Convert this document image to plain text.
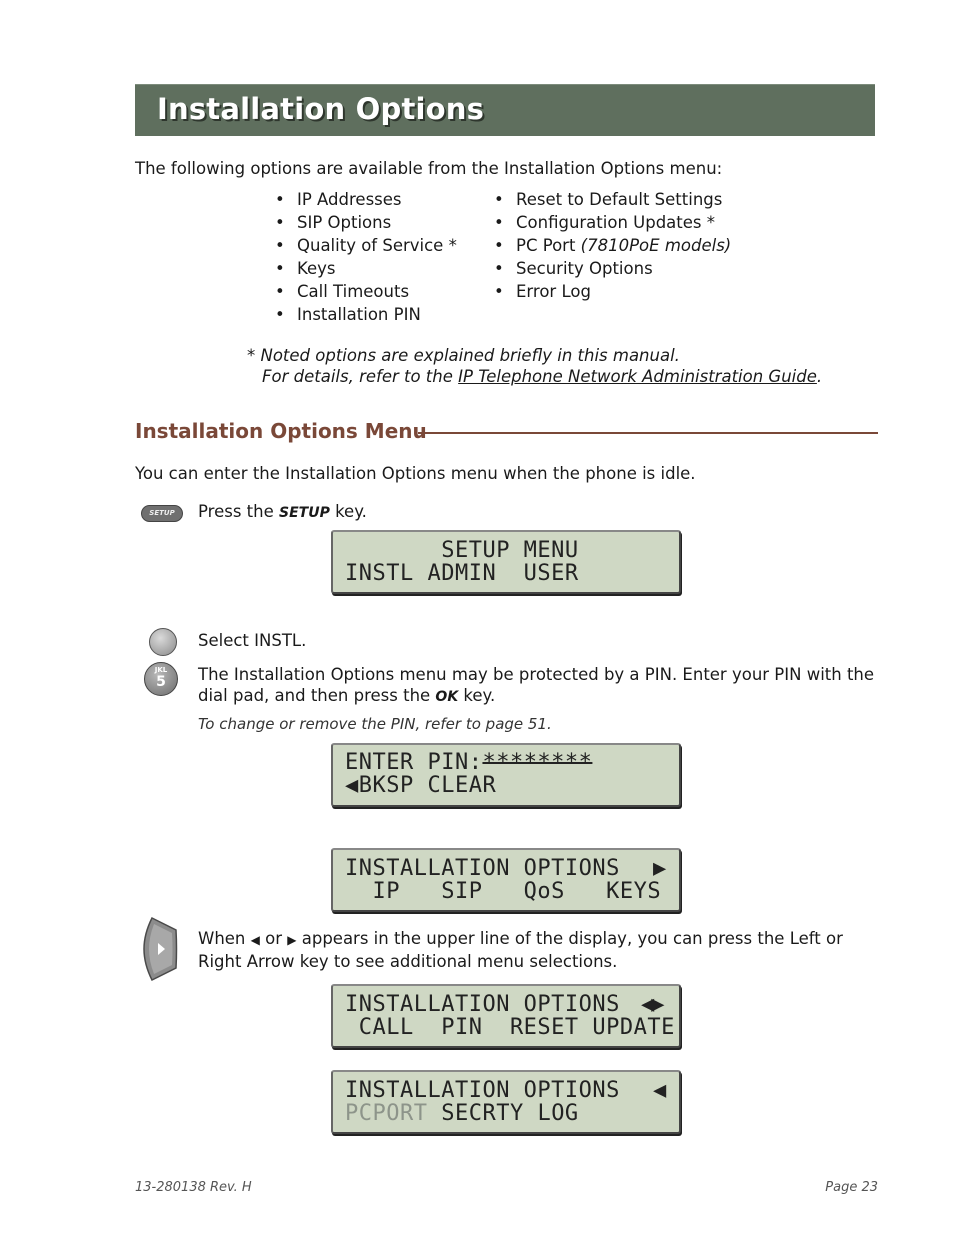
Installation Options
The following options are available from the Installation Options menu:
• IP Addresses
• SIP Options
• Quality of Service *
• Keys
• Call Timeouts
• Installation PIN
• Reset to Default Settings
• Configuration Updates *
• PC Port (7810PoE models)
• Security Options
• Error Log
* Noted options are explained briefly in this manual.
For details, refer to the IP Telephone Network Administration Guide.
Installation Options Menu
You can enter the Installation Options menu when the phone is idle.
SETUP	Press the SETUP key.
SETUP MENU
INSTL ADMIN  USER
Select INSTL.
JKL
5	The Installation Options menu may be protected by a PIN. Enter your PIN with the dial pad, and then press the OK key.
To change or remove the PIN, refer to page 51.
ENTER PIN:********
◀BKSP CLEAR
INSTALLATION OPTIONS ▶
IP   SIP   QoS   KEYS
When ◀ or ▶ appears in the upper line of the display, you can press the Left or Right Arrow key to see additional menu selections.
INSTALLATION OPTIONS ◀▶
CALL  PIN  RESET UPDATE
INSTALLATION OPTIONS ◀
PCPORT SECRTY LOG
13-280138 Rev. H	Page 23
